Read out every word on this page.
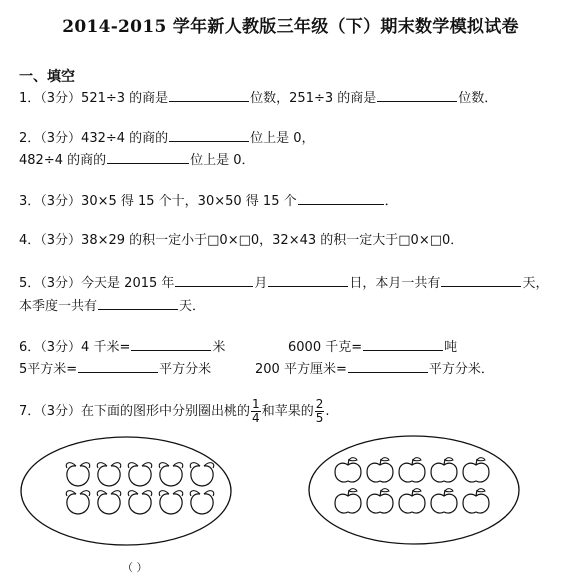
2014-2015 学年新人教版三年级（下）期末数学模拟试卷
一、填空
1．（3分）521÷3 的商是	位数，251÷3 的商是	位数．
2．（3分）432÷4 的商的	位上是 0，
482÷4 的商的	位上是 0．
3．（3分）30×5 得 15 个十，30×50 得 15 个	．
4．（3分）38×29 的积一定小于□0×□0，32×43 的积一定大于□0×□0．
5．（3分）今天是 2015 年	月	日，本月一共有	天，
本季度一共有	天．
6．（3分）4 千米=	米	6000 千克=	吨
5平方米=	平方分米	200 平方厘米=	平方分米．
7．（3分）在下面的图形中分别圈出桃的 $\frac{1}{4}$ 和苹果的 $\frac{2}{5}$ .
（ ）
